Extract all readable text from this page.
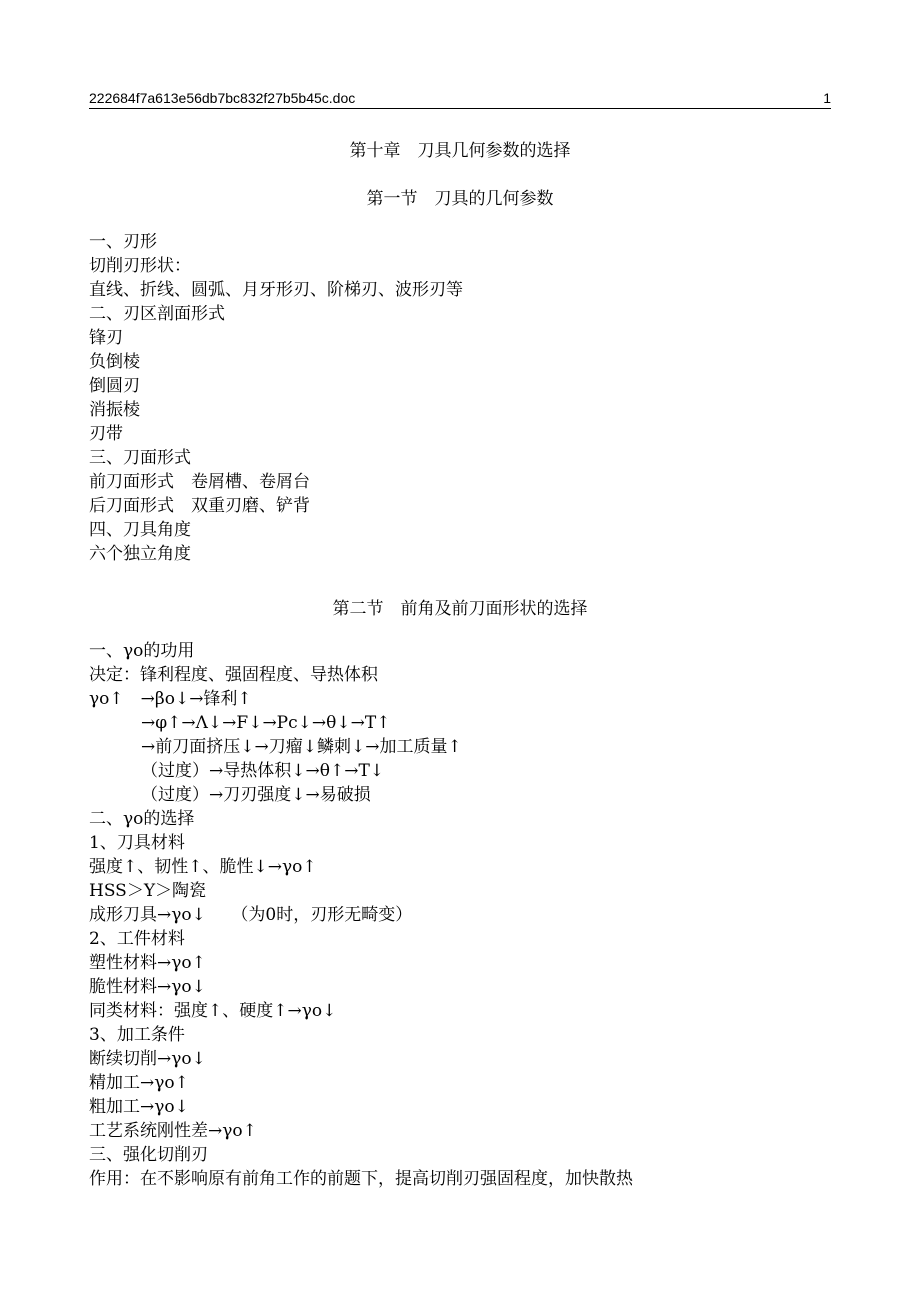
222684f7a613e56db7bc832f27b5b45c.doc	1
第十章　刀具几何参数的选择
第一节　刀具的几何参数
一、刃形
切削刃形状：
直线、折线、圆弧、月牙形刃、阶梯刃、波形刃等
二、刃区剖面形式
锋刃
负倒棱
倒圆刃
消振棱
刃带
三、刀面形式
前刀面形式　卷屑槽、卷屑台
后刀面形式　双重刃磨、铲背
四、刀具角度
六个独立角度
第二节　前角及前刀面形状的选择
一、γo的功用
决定：锋利程度、强固程度、导热体积
γo↑　→βo↓→锋利↑
→φ↑→Λ↓→F↓→Pc↓→θ↓→T↑
→前刀面挤压↓→刀瘤↓鳞刺↓→加工质量↑
（过度）→导热体积↓→θ↑→T↓
（过度）→刀刃强度↓→易破损
二、γo的选择
1、刀具材料
强度↑、韧性↑、脆性↓→γo↑
HSS＞Y＞陶瓷
成形刀具→γo↓　　（为0时，刃形无畸变）
2、工件材料
塑性材料→γo↑
脆性材料→γo↓
同类材料：强度↑、硬度↑→γo↓
3、加工条件
断续切削→γo↓
精加工→γo↑
粗加工→γo↓
工艺系统刚性差→γo↑
三、强化切削刃
作用：在不影响原有前角工作的前题下，提高切削刃强固程度，加快散热
